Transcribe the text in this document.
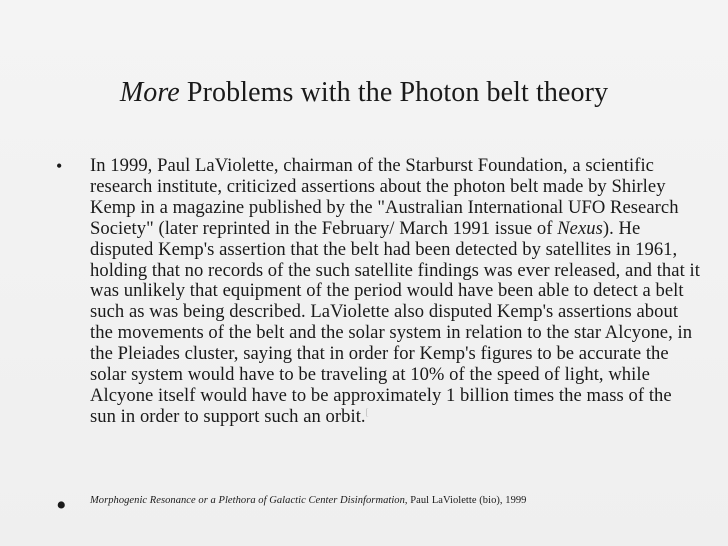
More Problems with the Photon belt theory
•	In 1999, Paul LaViolette, chairman of the Starburst Foundation, a scientific research institute, criticized assertions about the photon belt made by Shirley Kemp in a magazine published by the "Australian International UFO Research Society" (later reprinted in the February/ March 1991 issue of Nexus). He disputed Kemp's assertion that the belt had been detected by satellites in 1961, holding that no records of the such satellite findings was ever released, and that it was unlikely that equipment of the period would have been able to detect a belt such as was being described. LaViolette also disputed Kemp's assertions about the movements of the belt and the solar system in relation to the star Alcyone, in the Pleiades cluster, saying that in order for Kemp's figures to be accurate the solar system would have to be traveling at 10% of the speed of light, while Alcyone itself would have to be approximately 1 billion times the mass of the sun in order to support such an orbit.[
•	Morphogenic Resonance or a Plethora of Galactic Center Disinformation, Paul LaViolette (bio), 1999
